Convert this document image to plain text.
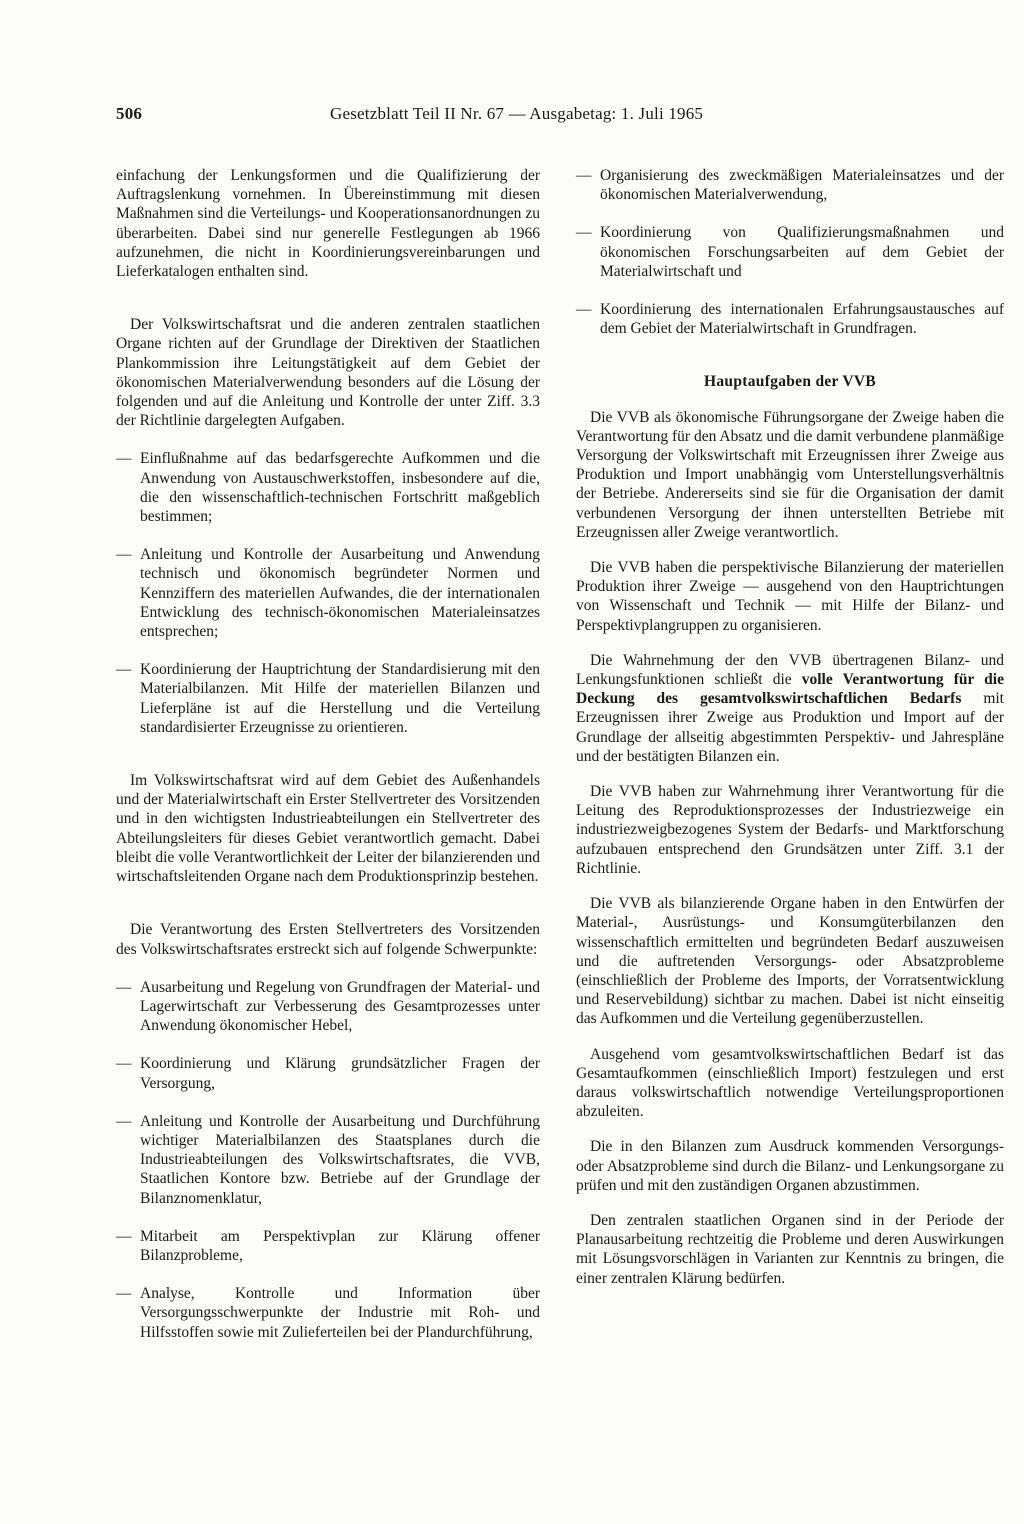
506	Gesetzblatt Teil II Nr. 67 — Ausgabetag: 1. Juli 1965

einfachung der Lenkungsformen und die Qualifizierung der Auftragslenkung vornehmen. In Übereinstimmung mit diesen Maßnahmen sind die Verteilungs- und Kooperationsanordnungen zu überarbeiten. Dabei sind nur generelle Festlegungen ab 1966 aufzunehmen, die nicht in Koordinierungsvereinbarungen und Lieferkatalogen enthalten sind.

Der Volkswirtschaftsrat und die anderen zentralen staatlichen Organe richten auf der Grundlage der Direktiven der Staatlichen Plankommission ihre Leitungstätigkeit auf dem Gebiet der ökonomischen Materialverwendung besonders auf die Lösung der folgenden und auf die Anleitung und Kontrolle der unter Ziff. 3.3 der Richtlinie dargelegten Aufgaben.

— Einflußnahme auf das bedarfsgerechte Aufkommen und die Anwendung von Austauschwerkstoffen, insbesondere auf die, die den wissenschaftlich-technischen Fortschritt maßgeblich bestimmen;
— Anleitung und Kontrolle der Ausarbeitung und Anwendung technisch und ökonomisch begründeter Normen und Kennziffern des materiellen Aufwandes, die der internationalen Entwicklung des technisch-ökonomischen Materialeinsatzes entsprechen;
— Koordinierung der Hauptrichtung der Standardisierung mit den Materialbilanzen. Mit Hilfe der materiellen Bilanzen und Lieferpläne ist auf die Herstellung und die Verteilung standardisierter Erzeugnisse zu orientieren.

Im Volkswirtschaftsrat wird auf dem Gebiet des Außenhandels und der Materialwirtschaft ein Erster Stellvertreter des Vorsitzenden und in den wichtigsten Industrieabteilungen ein Stellvertreter des Abteilungsleiters für dieses Gebiet verantwortlich gemacht. Dabei bleibt die volle Verantwortlichkeit der Leiter der bilanzierenden und wirtschaftsleitenden Organe nach dem Produktionsprinzip bestehen.

Die Verantwortung des Ersten Stellvertreters des Vorsitzenden des Volkswirtschaftsrates erstreckt sich auf folgende Schwerpunkte:

— Ausarbeitung und Regelung von Grundfragen der Material- und Lagerwirtschaft zur Verbesserung des Gesamtprozesses unter Anwendung ökonomischer Hebel,
— Koordinierung und Klärung grundsätzlicher Fragen der Versorgung,
— Anleitung und Kontrolle der Ausarbeitung und Durchführung wichtiger Materialbilanzen des Staatsplanes durch die Industrieabteilungen des Volkswirtschaftsrates, die VVB, Staatlichen Kontore bzw. Betriebe auf der Grundlage der Bilanznomenklatur,
— Mitarbeit am Perspektivplan zur Klärung offener Bilanzprobleme,
— Analyse, Kontrolle und Information über Versorgungsschwerpunkte der Industrie mit Roh- und Hilfsstoffen sowie mit Zulieferteilen bei der Plandurchführung,
— Organisierung des zweckmäßigen Materialeinsatzes und der ökonomischen Materialverwendung,
— Koordinierung von Qualifizierungsmaßnahmen und ökonomischen Forschungsarbeiten auf dem Gebiet der Materialwirtschaft und
— Koordinierung des internationalen Erfahrungsaustausches auf dem Gebiet der Materialwirtschaft in Grundfragen.
Hauptaufgaben der VVB

Die VVB als ökonomische Führungsorgane der Zweige haben die Verantwortung für den Absatz und die damit verbundene planmäßige Versorgung der Volkswirtschaft mit Erzeugnissen ihrer Zweige aus Produktion und Import unabhängig vom Unterstellungsverhältnis der Betriebe. Andererseits sind sie für die Organisation der damit verbundenen Versorgung der ihnen unterstellten Betriebe mit Erzeugnissen aller Zweige verantwortlich.

Die VVB haben die perspektivische Bilanzierung der materiellen Produktion ihrer Zweige — ausgehend von den Hauptrichtungen von Wissenschaft und Technik — mit Hilfe der Bilanz- und Perspektivplangruppen zu organisieren.

Die Wahrnehmung der den VVB übertragenen Bilanz- und Lenkungsfunktionen schließt die volle Verantwortung für die Deckung des gesamtvolkswirtschaftlichen Bedarfs mit Erzeugnissen ihrer Zweige aus Produktion und Import auf der Grundlage der allseitig abgestimmten Perspektiv- und Jahrespläne und der bestätigten Bilanzen ein.

Die VVB haben zur Wahrnehmung ihrer Verantwortung für die Leitung des Reproduktionsprozesses der Industriezweige ein industriezweigbezogenes System der Bedarfs- und Marktforschung aufzubauen entsprechend den Grundsätzen unter Ziff. 3.1 der Richtlinie.

Die VVB als bilanzierende Organe haben in den Entwürfen der Material-, Ausrüstungs- und Konsumgüterbilanzen den wissenschaftlich ermittelten und begründeten Bedarf auszuweisen und die auftretenden Versorgungs- oder Absatzprobleme (einschließlich der Probleme des Imports, der Vorratsentwicklung und Reservebildung) sichtbar zu machen. Dabei ist nicht einseitig das Aufkommen und die Verteilung gegenüberzustellen.

Ausgehend vom gesamtvolkswirtschaftlichen Bedarf ist das Gesamtaufkommen (einschließlich Import) festzulegen und erst daraus volkswirtschaftlich notwendige Verteilungsproportionen abzuleiten.

Die in den Bilanzen zum Ausdruck kommenden Versorgungs- oder Absatzprobleme sind durch die Bilanz- und Lenkungsorgane zu prüfen und mit den zuständigen Organen abzustimmen.

Den zentralen staatlichen Organen sind in der Periode der Planausarbeitung rechtzeitig die Probleme und deren Auswirkungen mit Lösungsvorschlägen in Varianten zur Kenntnis zu bringen, die einer zentralen Klärung bedürfen.
